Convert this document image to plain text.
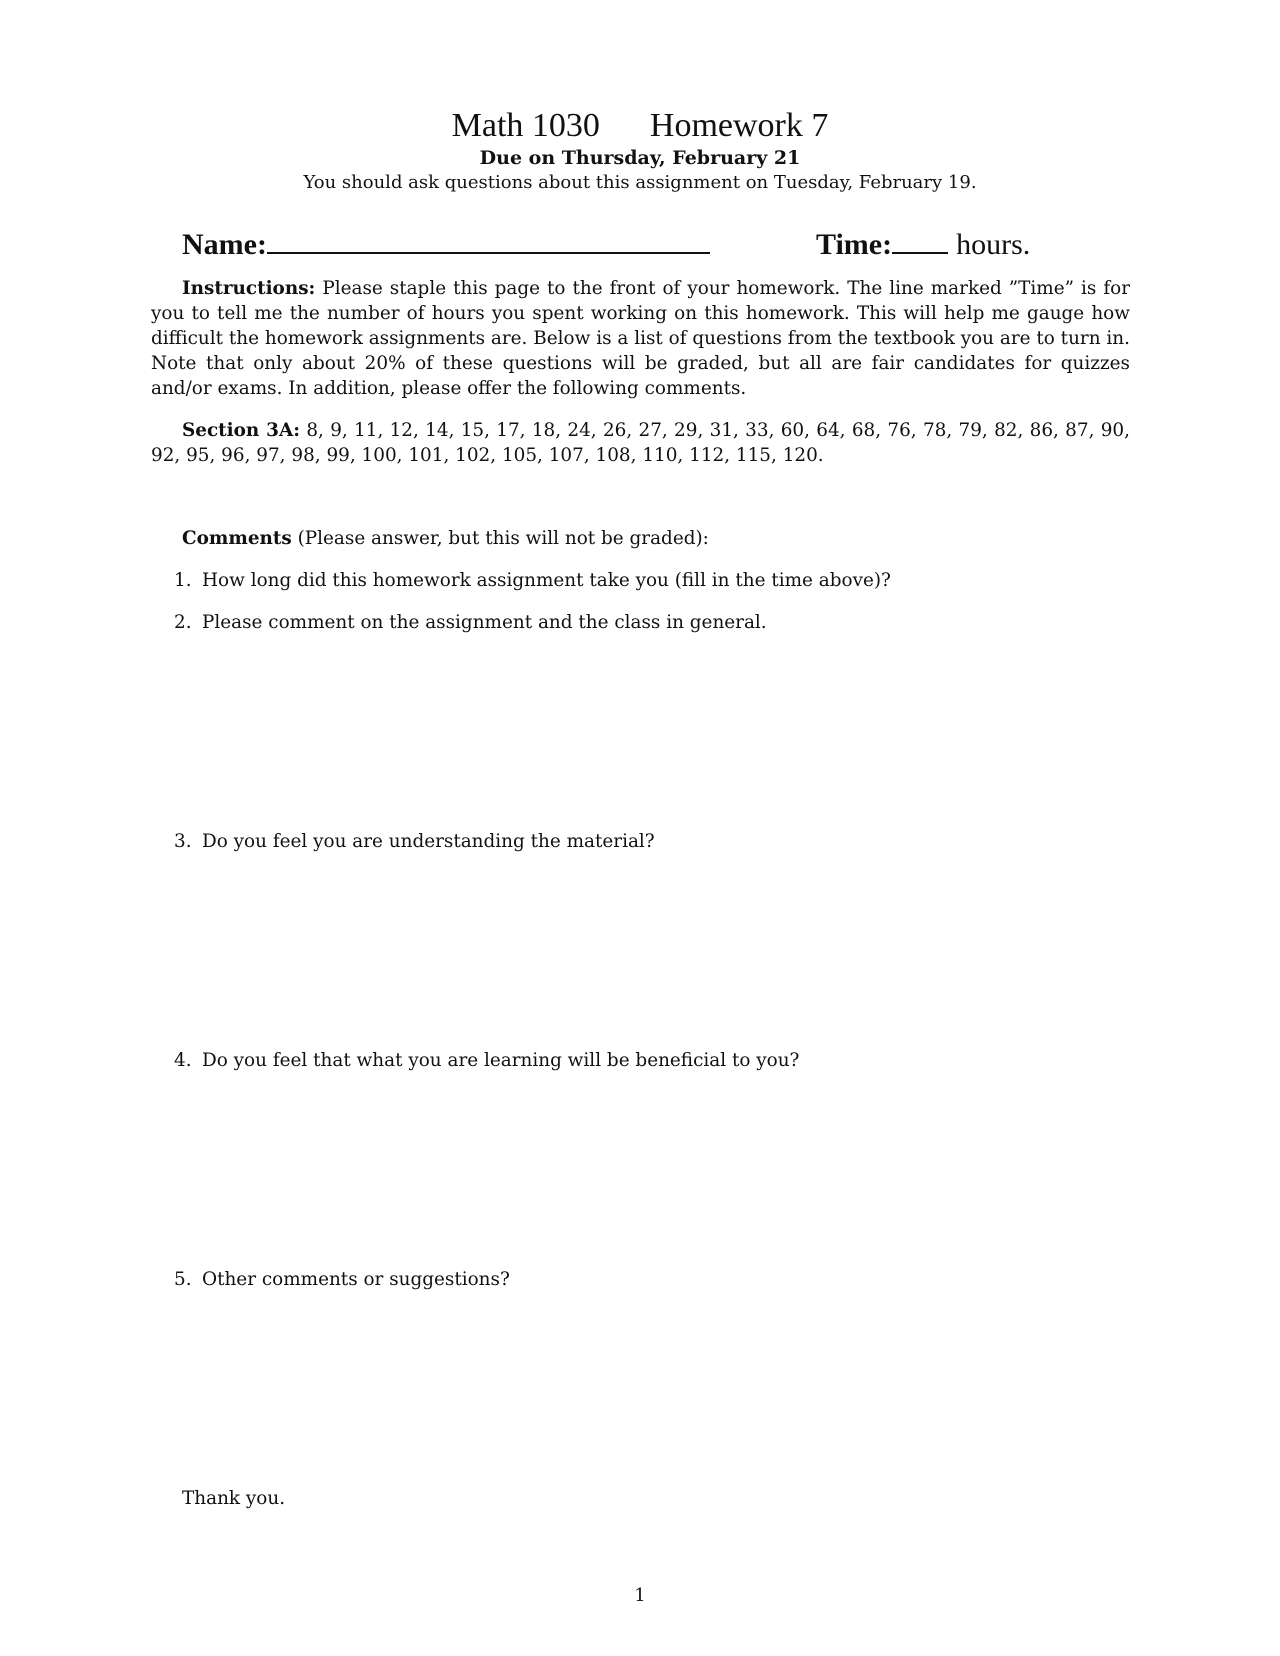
Math 1030 Homework 7
Due on Thursday, February 21
You should ask questions about this assignment on Tuesday, February 19.
Name:	Time: hours.
Instructions: Please staple this page to the front of your homework. The line marked ”Time” is for you to tell me the number of hours you spent working on this homework. This will help me gauge how difficult the homework assignments are. Below is a list of questions from the textbook you are to turn in. Note that only about 20% of these questions will be graded, but all are fair candidates for quizzes and/or exams. In addition, please offer the following comments.
Section 3A: 8, 9, 11, 12, 14, 15, 17, 18, 24, 26, 27, 29, 31, 33, 60, 64, 68, 76, 78, 79, 82, 86, 87, 90, 92, 95, 96, 97, 98, 99, 100, 101, 102, 105, 107, 108, 110, 112, 115, 120.
Comments (Please answer, but this will not be graded):
1. How long did this homework assignment take you (fill in the time above)?
2. Please comment on the assignment and the class in general.
3. Do you feel you are understanding the material?
4. Do you feel that what you are learning will be beneficial to you?
5. Other comments or suggestions?
Thank you.
1
